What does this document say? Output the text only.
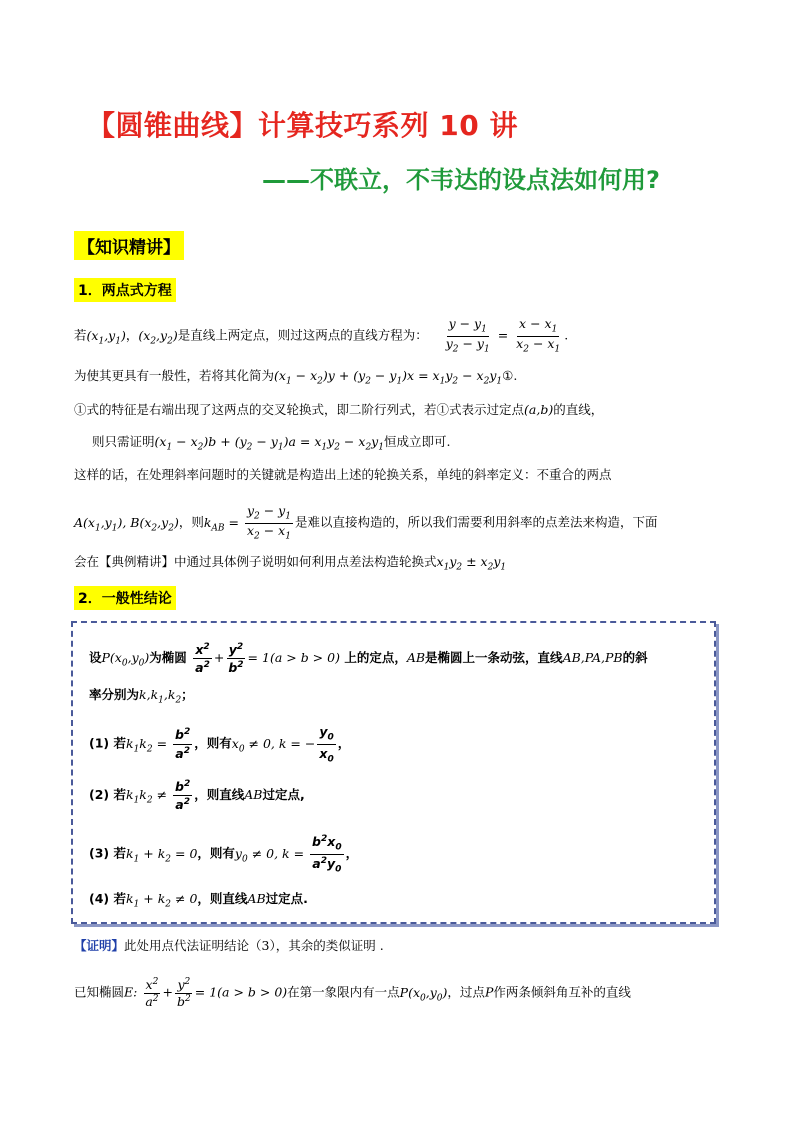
【圆锥曲线】计算技巧系列 10 讲
——不联立，不韦达的设点法如何用?
【知识精讲】
1．两点式方程
若$(x_1,y_1)$，$(x_2,y_2)$是直线上两定点，则过这两点的直线方程为： $\frac{y - y_1}{y_2 - y_1} = \frac{x - x_1}{x_2 - x_1}$ .
为使其更具有一般性，若将其化简为$(x_1 - x_2)y + (y_2 - y_1)x = x_1y_2$ − $x_2y_1①$.
①式的特征是右端出现了这两点的交叉轮换式，即二阶行列式，若①式表示过定点(a,b)的直线，
则只需证明$(x_1 - x_2)b + (y_2 - y_1)a = x_1y_2 - x_2y_1$恒成立即可.
这样的话，在处理斜率问题时的关键就是构造出上述的轮换关系，单纯的斜率定义：不重合的两点
$A(x_1,y_1)$, $B(x_2,y_2)$，则$k_{AB} = \frac{y_2 - y_1}{x_2 - x_1}$ 是难以直接构造的，所以我们需要利用斜率的点差法来构造，下面
会在【典例精讲】中通过具体例子说明如何利用点差法构造轮换式$x_1y_2 \pm x_2y_1$
2．一般性结论
设$P(x_0,y_0)$为椭圆 $\frac{x^2}{a^2} + \frac{y^2}{b^2} = 1(a > b > 0)$ 上的定点，AB是椭圆上一条动弦，直线AB,PA,PB的斜
率分别为$k,k_1,k_2$；
(1) 若$k_1k_2 = \frac{b^2}{a^2}$ ，则有$x_0 \ne 0$, k = − $\frac{y_0}{x_0}$ ，
(2) 若$k_1k_2 \ne \frac{b^2}{a^2}$ ，则直线AB过定点,
(3) 若$k_1 + k_2 = 0$，则有$y_0 \ne 0$, $k = \frac{b^2x_0}{a^2y_0}$ ，
(4) 若$k_1 + k_2 \ne 0$，则直线AB过定点.
【证明】此处用点代法证明结论（3），其余的类似证明 .
已知椭圆E: $\frac{x^2}{a^2} + \frac{y^2}{b^2} = 1(a > b > 0)$在第一象限内有一点$P(x_0,y_0)$，过点P作两条倾斜角互补的直线
